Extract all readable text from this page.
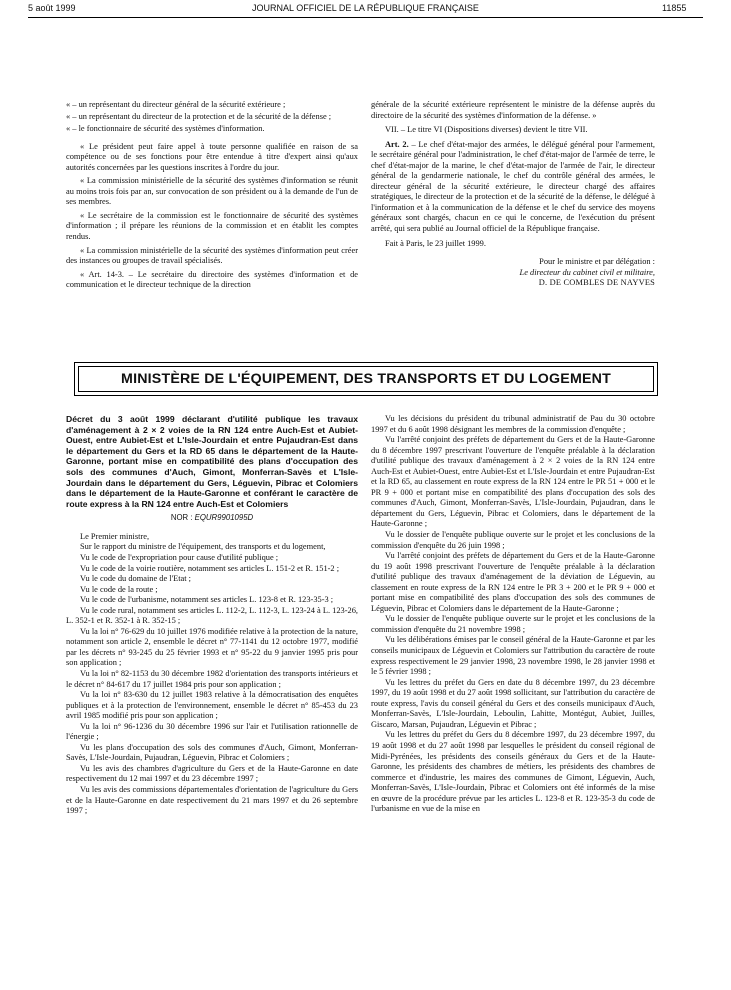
5 août 1999	JOURNAL OFFICIEL DE LA RÉPUBLIQUE FRANÇAISE	11855

« – un représentant du directeur général de la sécurité extérieure ;

« – un représentant du directeur de la protection et de la sécurité de la défense ;

« – le fonctionnaire de sécurité des systèmes d'information.

« Le président peut faire appel à toute personne qualifiée en raison de sa compétence ou de ses fonctions pour être entendue à titre d'expert ainsi qu'aux autorités concernées par les questions inscrites à l'ordre du jour.

« La commission ministérielle de la sécurité des systèmes d'information se réunit au moins trois fois par an, sur convocation de son président ou à la demande de l'un de ses membres.

« Le secrétaire de la commission est le fonctionnaire de sécurité des systèmes d'information ; il prépare les réunions de la commission et en établit les comptes rendus.

« La commission ministérielle de la sécurité des systèmes d'information peut créer des instances ou groupes de travail spécialisés.

« Art. 14-3. – Le secrétaire du directoire des systèmes d'information et de communication et le directeur technique de la direction

générale de la sécurité extérieure représentent le ministre de la défense auprès du directoire de la sécurité des systèmes d'information de la défense. »

VII. – Le titre VI (Dispositions diverses) devient le titre VII.

Art. 2. – Le chef d'état-major des armées, le délégué général pour l'armement, le secrétaire général pour l'administration, le chef d'état-major de l'armée de terre, le chef d'état-major de la marine, le chef d'état-major de l'armée de l'air, le directeur général de la gendarmerie nationale, le chef du contrôle général des armées, le directeur général de la sécurité extérieure, le directeur chargé des affaires stratégiques, le directeur de la protection et de la sécurité de la défense, le délégué à l'information et à la communication de la défense et le chef du service des moyens généraux sont chargés, chacun en ce qui le concerne, de l'exécution du présent arrêté, qui sera publié au Journal officiel de la République française.

Fait à Paris, le 23 juillet 1999.

Pour le ministre et par délégation :

Le directeur du cabinet civil et militaire,

D. DE COMBLES DE NAYVES

MINISTÈRE DE L'ÉQUIPEMENT, DES TRANSPORTS ET DU LOGEMENT
Décret du 3 août 1999 déclarant d'utilité publique les travaux d'aménagement à 2 × 2 voies de la RN 124 entre Auch-Est et Aubiet-Ouest, entre Aubiet-Est et L'Isle-Jourdain et entre Pujaudran-Est dans le département du Gers et la RD 65 dans le département de la Haute-Garonne, portant mise en compatibilité des plans d'occupation des sols des communes d'Auch, Gimont, Monferran-Savès et L'Isle-Jourdain dans le département du Gers, Léguevin, Pibrac et Colomiers dans le département de la Haute-Garonne et conférant le caractère de route express à la RN 124 entre Auch-Est et Colomiers
NOR : EQUR9901095D

Le Premier ministre,

Sur le rapport du ministre de l'équipement, des transports et du logement,

Vu le code de l'expropriation pour cause d'utilité publique ;

Vu le code de la voirie routière, notamment ses articles L. 151-2 et R. 151-2 ;

Vu le code du domaine de l'Etat ;

Vu le code de la route ;

Vu le code de l'urbanisme, notamment ses articles L. 123-8 et R. 123-35-3 ;

Vu le code rural, notamment ses articles L. 112-2, L. 112-3, L. 123-24 à L. 123-26, L. 352-1 et R. 352-1 à R. 352-15 ;

Vu la loi n° 76-629 du 10 juillet 1976 modifiée relative à la protection de la nature, notamment son article 2, ensemble le décret n° 77-1141 du 12 octobre 1977, modifié par les décrets n° 93-245 du 25 février 1993 et n° 95-22 du 9 janvier 1995 pris pour son application ;

Vu la loi n° 82-1153 du 30 décembre 1982 d'orientation des transports intérieurs et le décret n° 84-617 du 17 juillet 1984 pris pour son application ;

Vu la loi n° 83-630 du 12 juillet 1983 relative à la démocratisation des enquêtes publiques et à la protection de l'environnement, ensemble le décret n° 85-453 du 23 avril 1985 modifié pris pour son application ;

Vu la loi n° 96-1236 du 30 décembre 1996 sur l'air et l'utilisation rationnelle de l'énergie ;

Vu les plans d'occupation des sols des communes d'Auch, Gimont, Monferran-Savès, L'Isle-Jourdain, Pujaudran, Léguevin, Pibrac et Colomiers ;

Vu les avis des chambres d'agriculture du Gers et de la Haute-Garonne en date respectivement du 12 mai 1997 et du 23 décembre 1997 ;

Vu les avis des commissions départementales d'orientation de l'agriculture du Gers et de la Haute-Garonne en date respectivement du 21 mars 1997 et du 26 septembre 1997 ;

Vu les décisions du président du tribunal administratif de Pau du 30 octobre 1997 et du 6 août 1998 désignant les membres de la commission d'enquête ;

Vu l'arrêté conjoint des préfets de département du Gers et de la Haute-Garonne du 8 décembre 1997 prescrivant l'ouverture de l'enquête préalable à la déclaration d'utilité publique des travaux d'aménagement à 2 × 2 voies de la RN 124 entre Auch-Est et Aubiet-Ouest, entre Aubiet-Est et L'Isle-Jourdain et entre Pujaudran-Est et la RD 65, au classement en route express de la RN 124 entre le PR 51 + 000 et le PR 9 + 000 et portant mise en compatibilité des plans d'occupation des sols des communes d'Auch, Gimont, Monferran-Savès, L'Isle-Jourdain, Pujaudran, dans le département du Gers, Léguevin, Pibrac et Colomiers, dans le département de la Haute-Garonne ;

Vu le dossier de l'enquête publique ouverte sur le projet et les conclusions de la commission d'enquête du 26 juin 1998 ;

Vu l'arrêté conjoint des préfets de département du Gers et de la Haute-Garonne du 19 août 1998 prescrivant l'ouverture de l'enquête préalable à la déclaration d'utilité publique des travaux d'aménagement de la déviation de Léguevin, au classement en route express de la RN 124 entre le PR 3 + 200 et le PR 9 + 000 et portant mise en compatibilité des plans d'occupation des sols des communes de Léguevin, Pibrac et Colomiers dans le département de la Haute-Garonne ;

Vu le dossier de l'enquête publique ouverte sur le projet et les conclusions de la commission d'enquête du 21 novembre 1998 ;

Vu les délibérations émises par le conseil général de la Haute-Garonne et par les conseils municipaux de Léguevin et Colomiers sur l'attribution du caractère de route express respectivement le 29 janvier 1998, 23 novembre 1998, le 28 janvier 1998 et le 5 février 1998 ;

Vu les lettres du préfet du Gers en date du 8 décembre 1997, du 23 décembre 1997, du 19 août 1998 et du 27 août 1998 sollicitant, sur l'attribution du caractère de route express, l'avis du conseil général du Gers et des conseils municipaux d'Auch, Monferran-Savès, L'Isle-Jourdain, Leboulin, Lahitte, Montégut, Aubiet, Juilles, Giscaro, Marsan, Pujaudran, Léguevin et Pibrac ;

Vu les lettres du préfet du Gers du 8 décembre 1997, du 23 décembre 1997, du 19 août 1998 et du 27 août 1998 par lesquelles le président du conseil régional de Midi-Pyrénées, les présidents des conseils généraux du Gers et de la Haute-Garonne, les présidents des chambres de métiers, les présidents des chambres de commerce et d'industrie, les maires des communes de Gimont, Léguevin, Auch, Monferran-Savès, L'Isle-Jourdain, Pibrac et Colomiers ont été informés de la mise en œuvre de la procédure prévue par les articles L. 123-8 et R. 123-35-3 du code de l'urbanisme en vue de la mise en
